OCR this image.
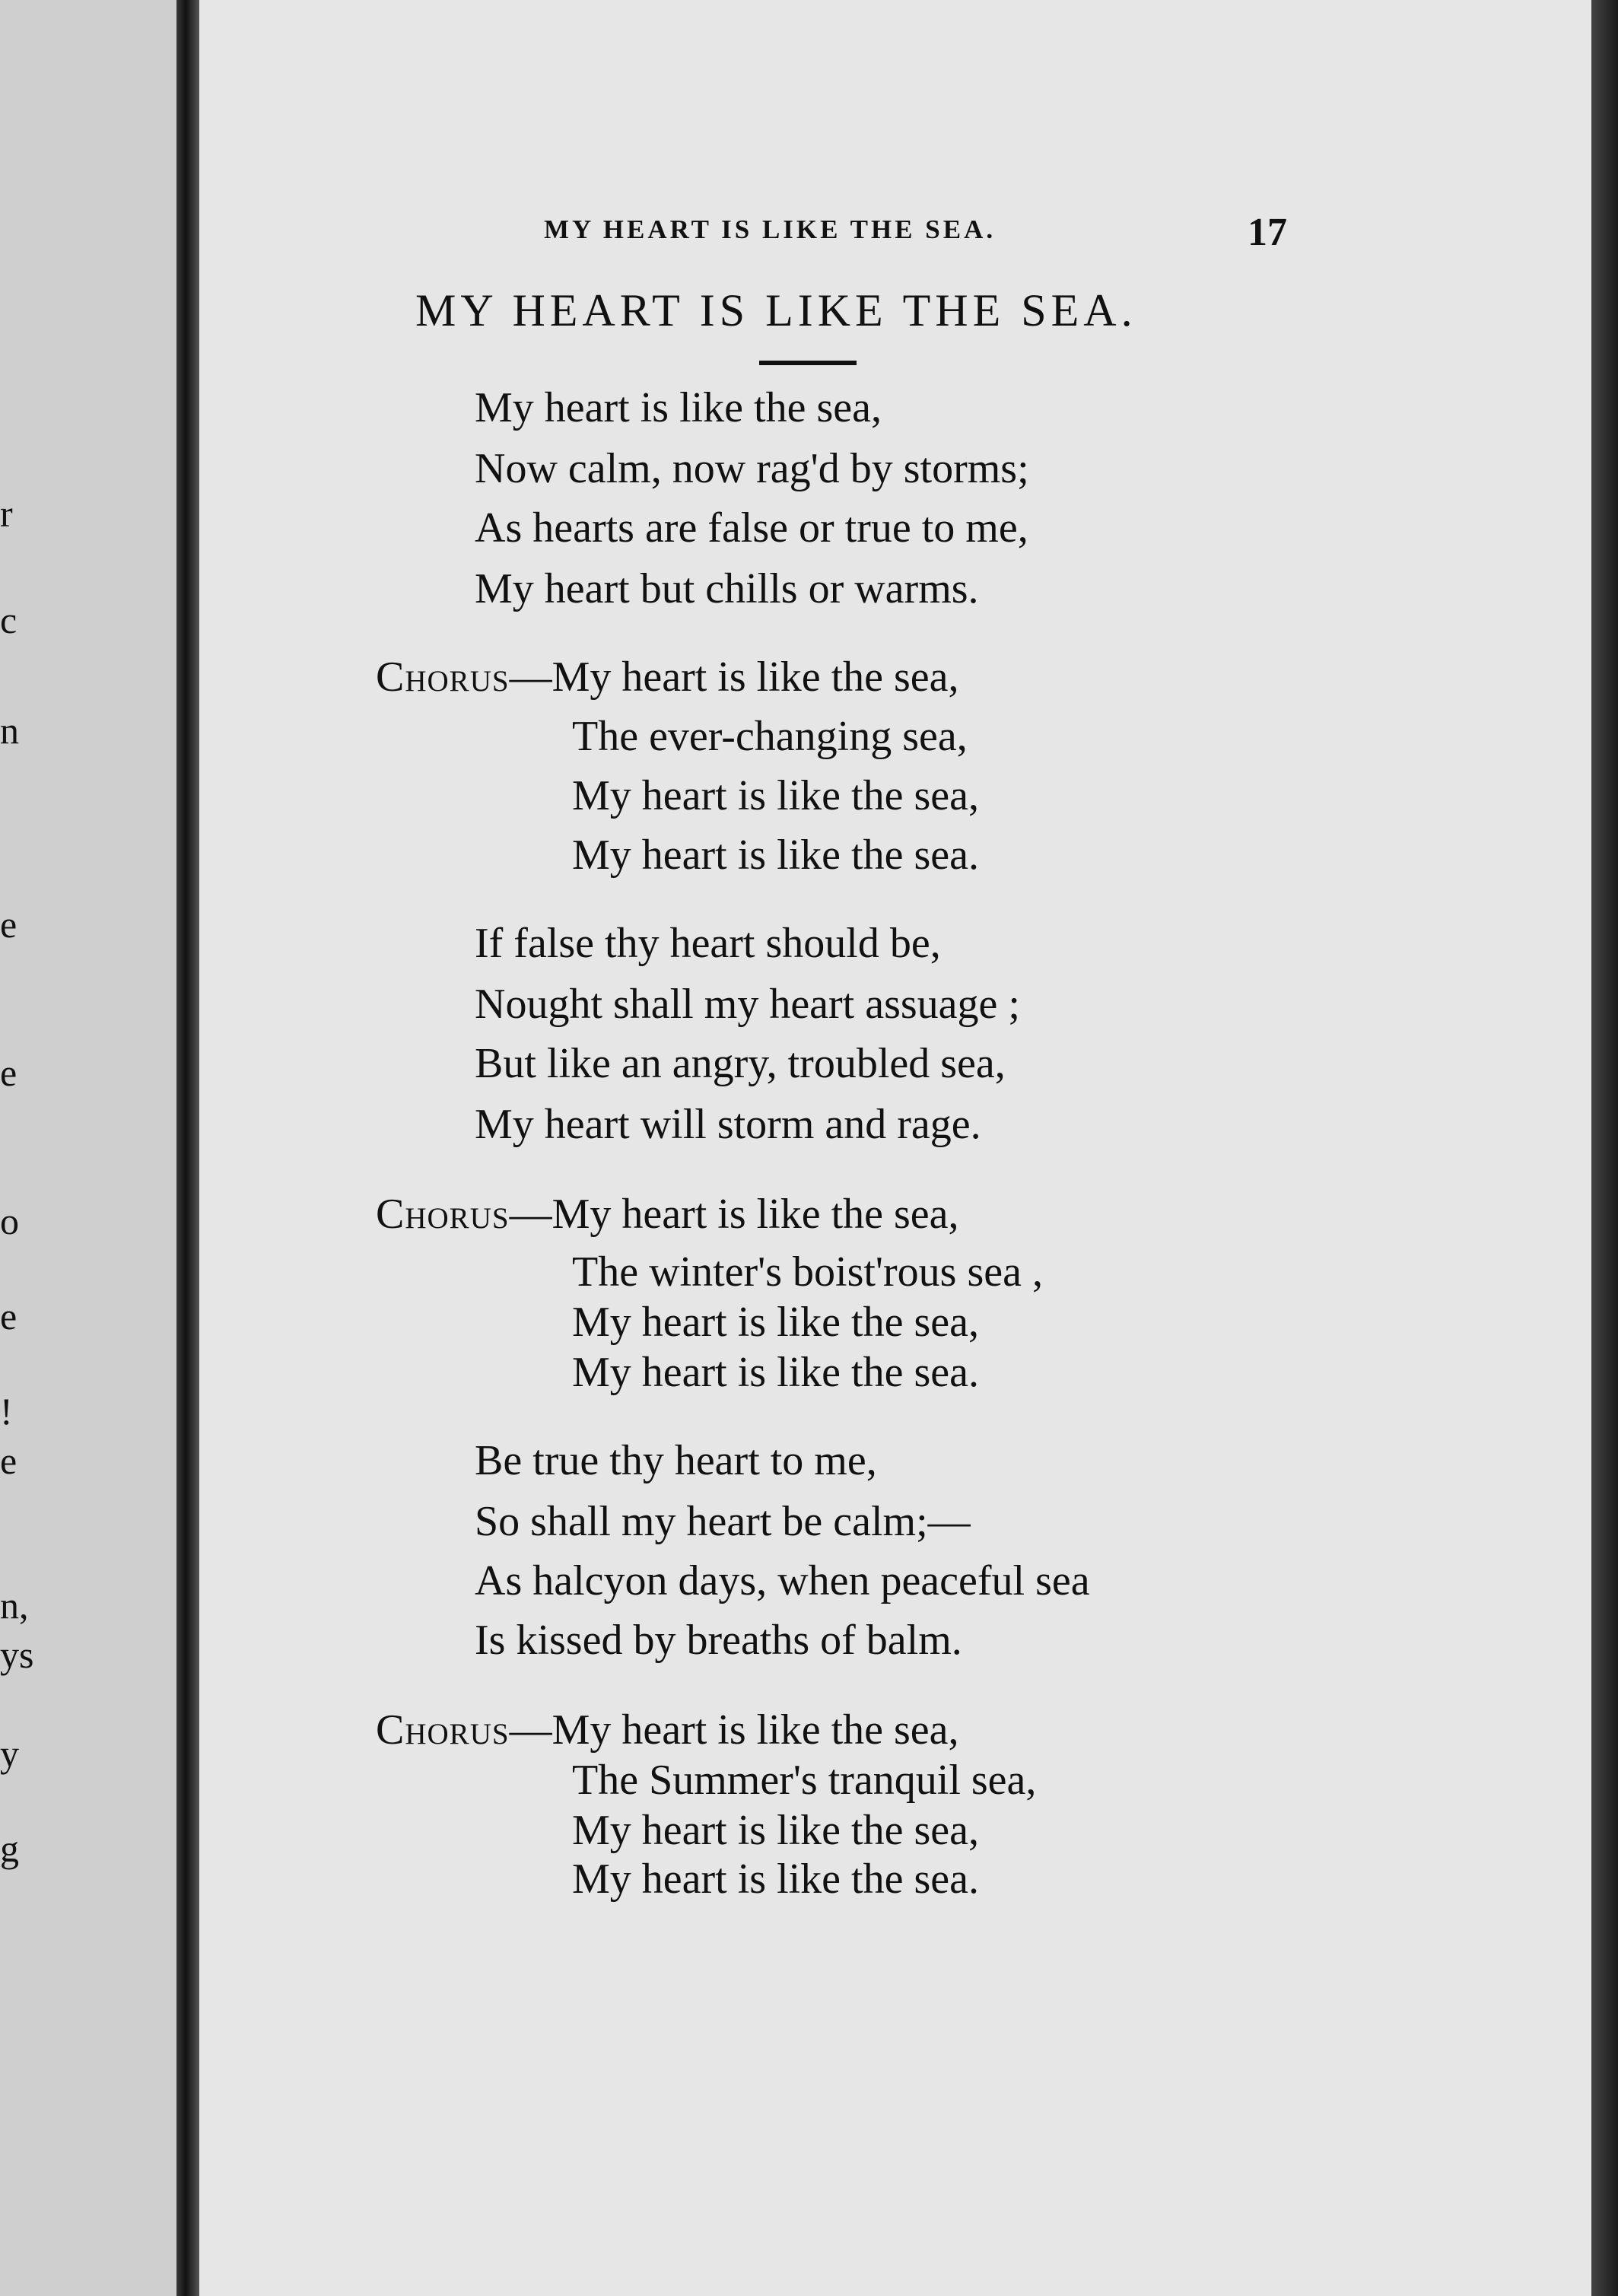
r
c
n
e
e
o
e
!
e
n,
ys
y
g
MY HEART IS LIKE THE SEA.	17
MY HEART IS LIKE THE SEA.
My heart is like the sea,
Now calm, now rag'd by storms;
As hearts are false or true to me,
My heart but chills or warms.
Chorus—My heart is like the sea,
The ever-changing sea,
My heart is like the sea,
My heart is like the sea.
If false thy heart should be,
Nought shall my heart assuage ;
But like an angry, troubled sea,
My heart will storm and rage.
Chorus—My heart is like the sea,
The winter's boist'rous sea ,
My heart is like the sea,
My heart is like the sea.
Be true thy heart to me,
So shall my heart be calm;—
As halcyon days, when peaceful sea
Is kissed by breaths of balm.
Chorus—My heart is like the sea,
The Summer's tranquil sea,
My heart is like the sea,
My heart is like the sea.
